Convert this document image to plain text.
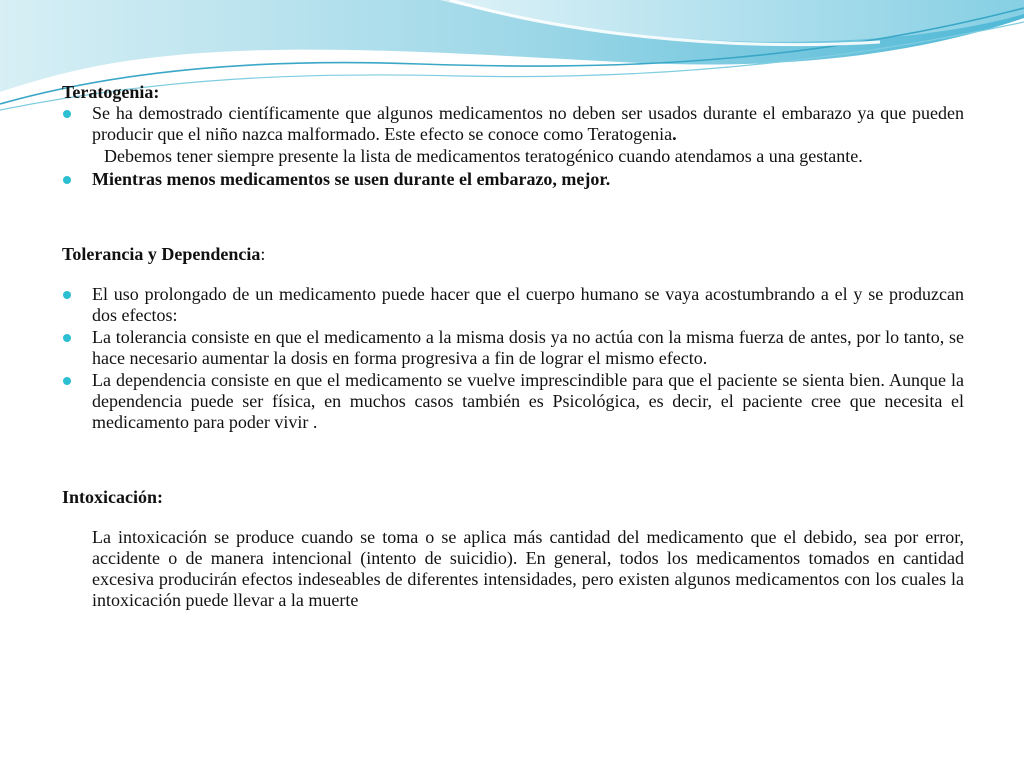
Teratogenia:

Se ha demostrado científicamente que algunos medicamentos no deben ser usados durante el embarazo ya que pueden producir que el niño nazca malformado. Este efecto se conoce como Teratogenia.

Debemos tener siempre presente la lista de medicamentos teratogénico cuando atendamos a una gestante.

Mientras menos medicamentos se usen durante el embarazo, mejor.

Tolerancia y Dependencia:

El uso prolongado de un medicamento puede hacer que el cuerpo humano se vaya acostumbrando a el y se produzcan dos efectos:
La tolerancia consiste en que el medicamento a la misma dosis ya no actúa con la misma fuerza de antes, por lo tanto, se hace necesario aumentar la dosis en forma progresiva a fin de lograr el mismo efecto.
La dependencia consiste en que el medicamento se vuelve imprescindible para que el paciente se sienta bien. Aunque la dependencia puede ser física, en muchos casos también es Psicológica, es decir, el paciente cree que necesita el medicamento para poder vivir .

Intoxicación:

La intoxicación se produce cuando se toma o se aplica más cantidad del medicamento que el debido, sea por error, accidente o de manera intencional (intento de suicidio). En general, todos los medicamentos tomados en cantidad excesiva producirán efectos indeseables de diferentes intensidades, pero existen algunos medicamentos con los cuales la intoxicación puede llevar a la muerte
